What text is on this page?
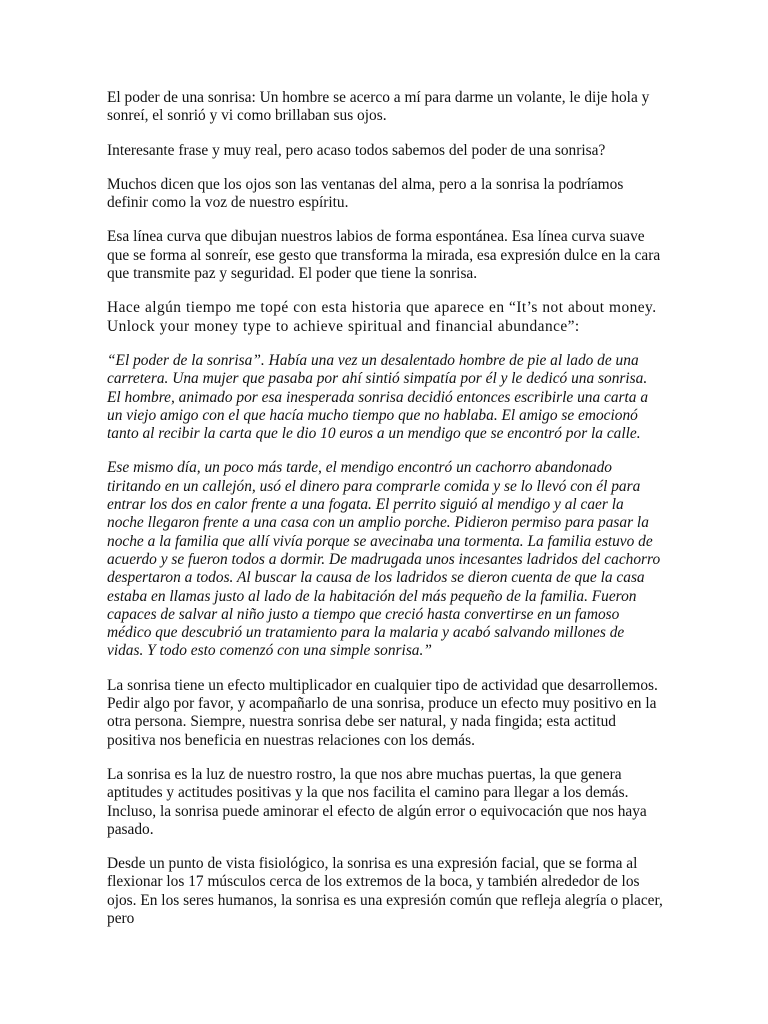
El poder de una sonrisa: Un hombre se acerco a mí para darme un volante, le dije hola y sonreí, el sonrió y vi como brillaban sus ojos.

Interesante frase y muy real, pero acaso todos sabemos del poder de una sonrisa?

Muchos dicen que los ojos son las ventanas del alma, pero a la sonrisa la podríamos definir como la voz de nuestro espíritu.

Esa línea curva que dibujan nuestros labios de forma espontánea. Esa línea curva suave que se forma al sonreír, ese gesto que transforma la mirada, esa expresión dulce en la cara que transmite paz y seguridad. El poder que tiene la sonrisa.

Hace algún tiempo me topé con esta historia que aparece en “It’s not about money. Unlock your money type to achieve spiritual and financial abundance”:

“El poder de la sonrisa”. Había una vez un desalentado hombre de pie al lado de una carretera. Una mujer que pasaba por ahí sintió simpatía por él y le dedicó una sonrisa. El hombre, animado por esa inesperada sonrisa decidió entonces escribirle una carta a un viejo amigo con el que hacía mucho tiempo que no hablaba. El amigo se emocionó tanto al recibir la carta que le dio 10 euros a un mendigo que se encontró por la calle.

Ese mismo día, un poco más tarde, el mendigo encontró un cachorro abandonado tiritando en un callejón, usó el dinero para comprarle comida y se lo llevó con él para entrar los dos en calor frente a una fogata. El perrito siguió al mendigo y al caer la noche llegaron frente a una casa con un amplio porche. Pidieron permiso para pasar la noche a la familia que allí vivía porque se avecinaba una tormenta. La familia estuvo de acuerdo y se fueron todos a dormir. De madrugada unos incesantes ladridos del cachorro despertaron a todos. Al buscar la causa de los ladridos se dieron cuenta de que la casa estaba en llamas justo al lado de la habitación del más pequeño de la familia. Fueron capaces de salvar al niño justo a tiempo que creció hasta convertirse en un famoso médico que descubrió un tratamiento para la malaria y acabó salvando millones de vidas. Y todo esto comenzó con una simple sonrisa.”

La sonrisa tiene un efecto multiplicador en cualquier tipo de actividad que desarrollemos. Pedir algo por favor, y acompañarlo de una sonrisa, produce un efecto muy positivo en la otra persona. Siempre, nuestra sonrisa debe ser natural, y nada fingida; esta actitud positiva nos beneficia en nuestras relaciones con los demás.

La sonrisa es la luz de nuestro rostro, la que nos abre muchas puertas, la que genera aptitudes y actitudes positivas y la que nos facilita el camino para llegar a los demás. Incluso, la sonrisa puede aminorar el efecto de algún error o equivocación que nos haya pasado.

Desde un punto de vista fisiológico, la sonrisa es una expresión facial, que se forma al flexionar los 17 músculos cerca de los extremos de la boca, y también alrededor de los ojos. En los seres humanos, la sonrisa es una expresión común que refleja alegría o placer, pero
